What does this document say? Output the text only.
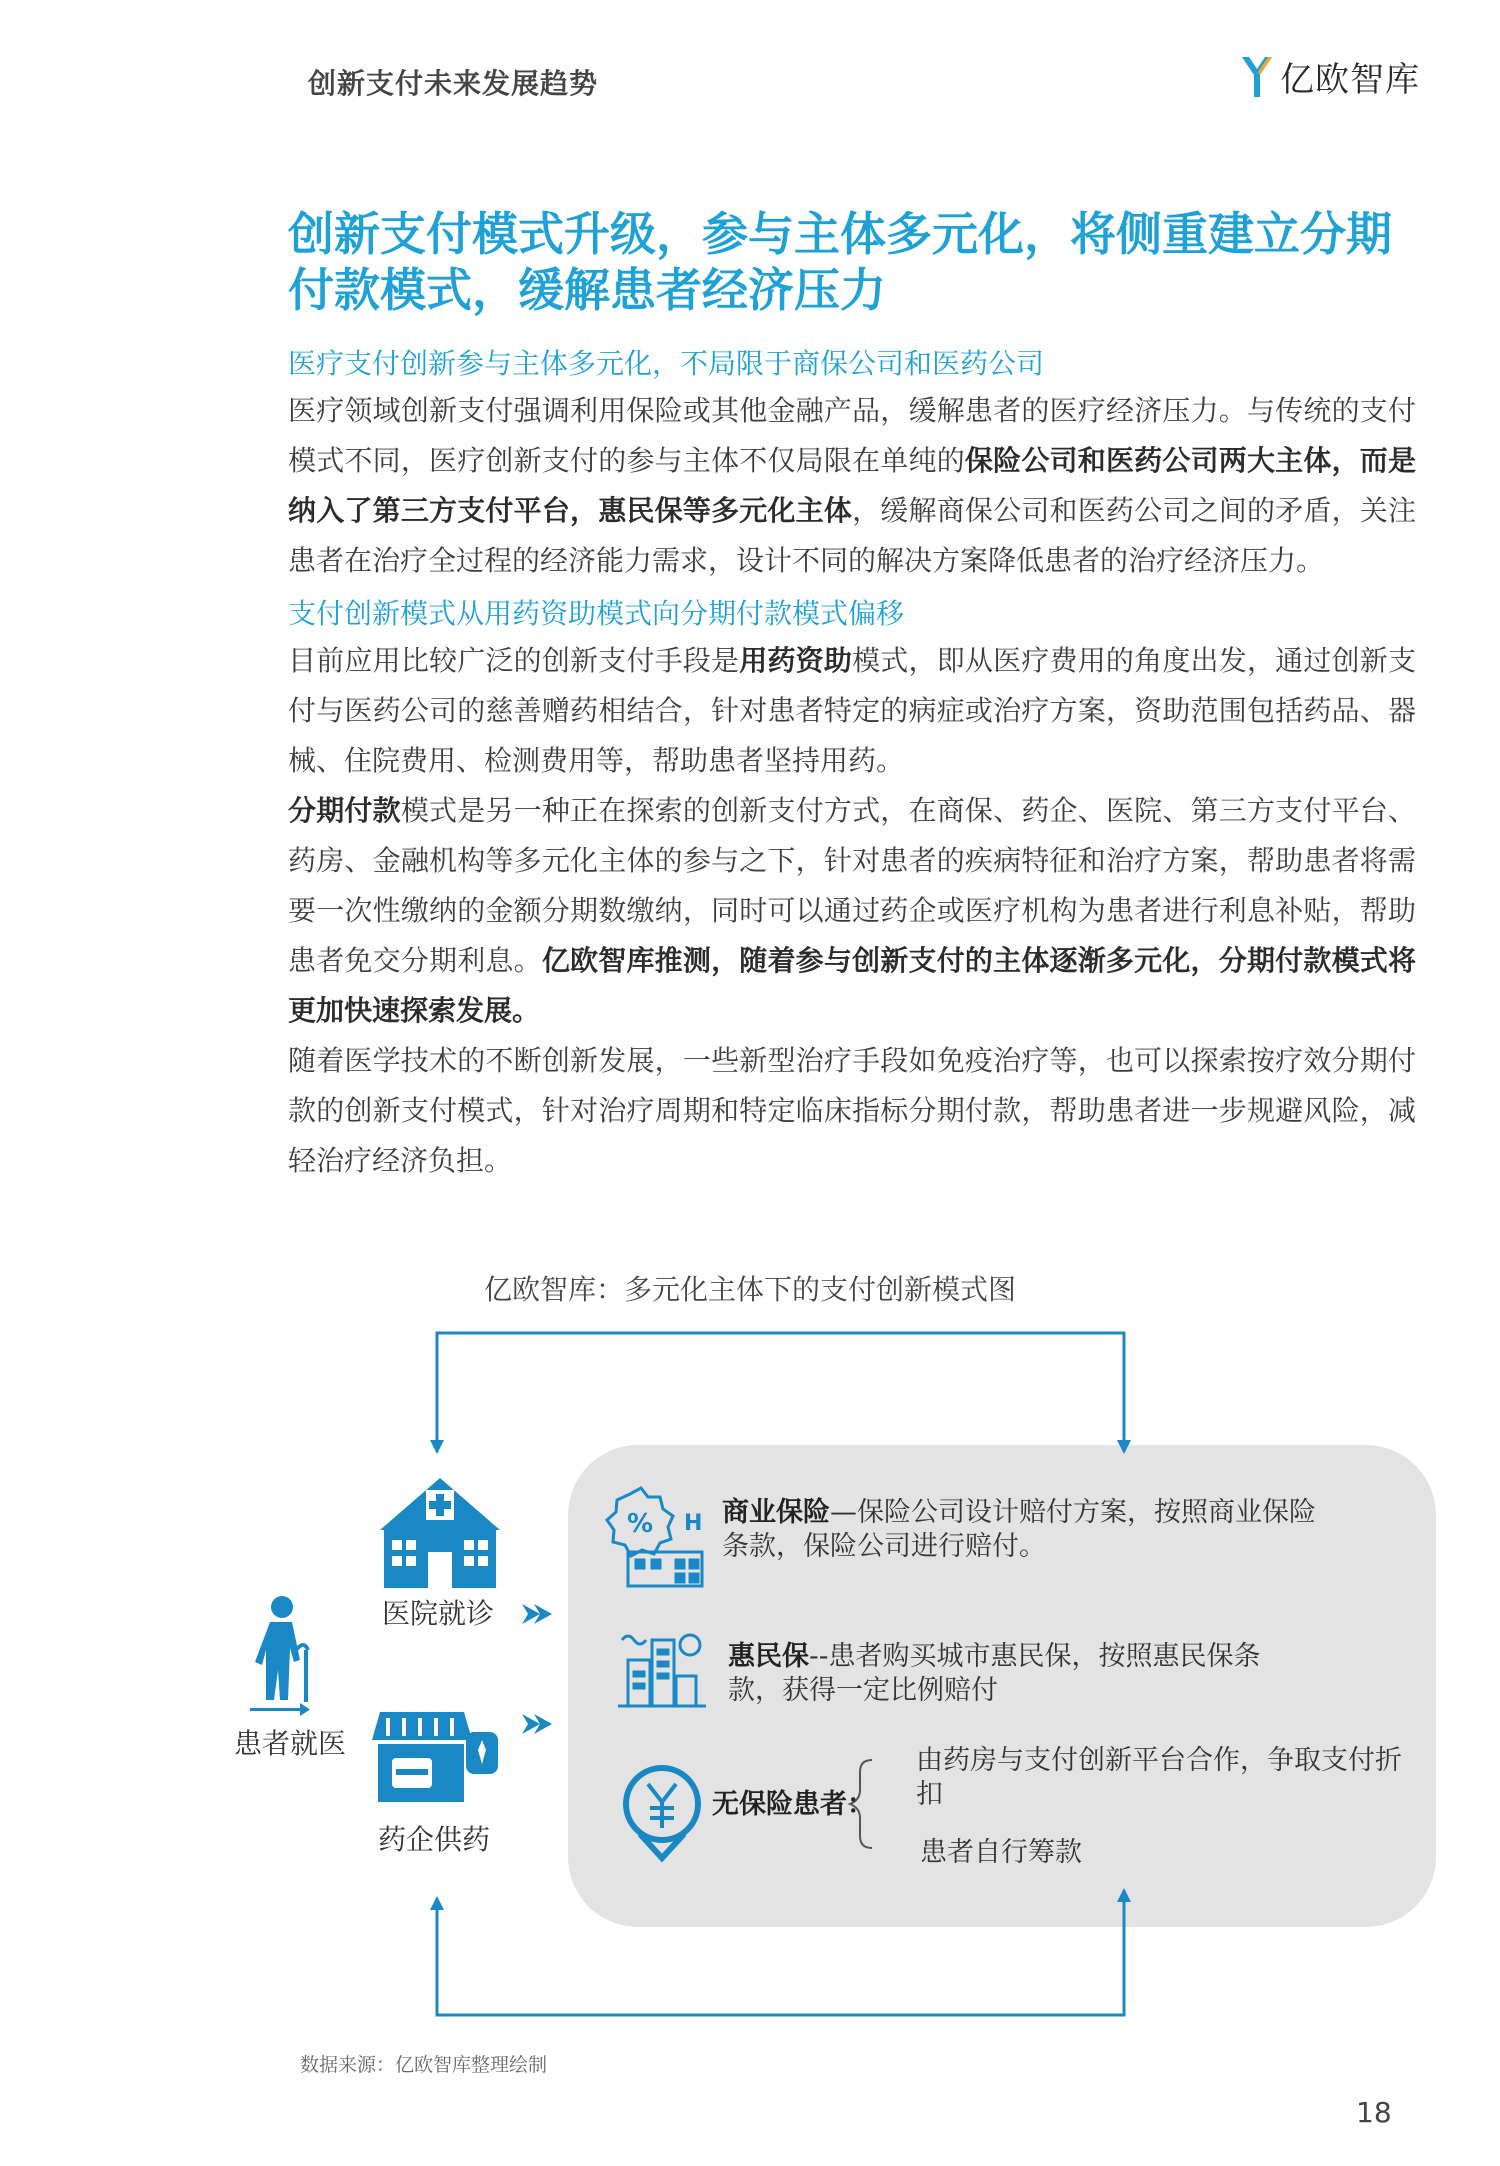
创新支付未来发展趋势	亿欧智库
创新支付模式升级，参与主体多元化，将侧重建立分期付款模式，缓解患者经济压力
医疗支付创新参与主体多元化，不局限于商保公司和医药公司
医疗领域创新支付强调利用保险或其他金融产品，缓解患者的医疗经济压力。与传统的支付模式不同，医疗创新支付的参与主体不仅局限在单纯的保险公司和医药公司两大主体，而是纳入了第三方支付平台，惠民保等多元化主体，缓解商保公司和医药公司之间的矛盾，关注患者在治疗全过程的经济能力需求，设计不同的解决方案降低患者的治疗经济压力。
支付创新模式从用药资助模式向分期付款模式偏移
目前应用比较广泛的创新支付手段是用药资助模式，即从医疗费用的角度出发，通过创新支付与医药公司的慈善赠药相结合，针对患者特定的病症或治疗方案，资助范围包括药品、器械、住院费用、检测费用等，帮助患者坚持用药。
分期付款模式是另一种正在探索的创新支付方式，在商保、药企、医院、第三方支付平台、药房、金融机构等多元化主体的参与之下，针对患者的疾病特征和治疗方案，帮助患者将需要一次性缴纳的金额分期数缴纳，同时可以通过药企或医疗机构为患者进行利息补贴，帮助患者免交分期利息。亿欧智库推测，随着参与创新支付的主体逐渐多元化，分期付款模式将更加快速探索发展。
随着医学技术的不断创新发展，一些新型治疗手段如免疫治疗等，也可以探索按疗效分期付款的创新支付模式，针对治疗周期和特定临床指标分期付款，帮助患者进一步规避风险，减轻治疗经济负担。
亿欧智库：多元化主体下的支付创新模式图
% H
医院就诊
患者就医
药企供药
商业保险—保险公司设计赔付方案，按照商业保险条款，保险公司进行赔付。
惠民保--患者购买城市惠民保，按照惠民保条款，获得一定比例赔付
无保险患者：
由药房与支付创新平台合作，争取支付折扣
患者自行筹款
数据来源：亿欧智库整理绘制
18
